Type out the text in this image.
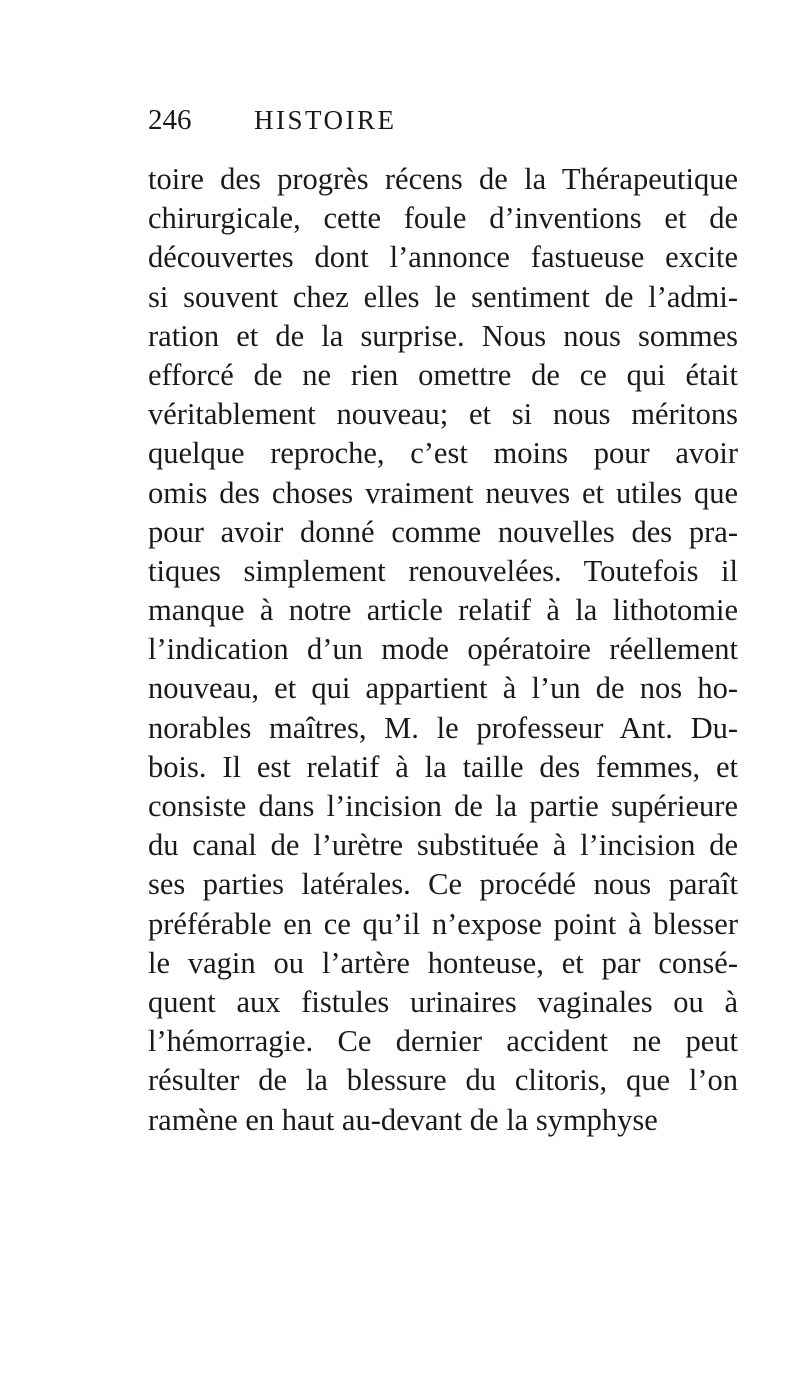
246 HISTOIRE
toire des progrès récens de la Thérapeutique
chirurgicale, cette foule d’inventions et de
découvertes dont l’annonce fastueuse excite
si souvent chez elles le sentiment de l’admi-
ration et de la surprise. Nous nous sommes
efforcé de ne rien omettre de ce qui était
véritablement nouveau; et si nous méritons
quelque reproche, c’est moins pour avoir
omis des choses vraiment neuves et utiles que
pour avoir donné comme nouvelles des pra-
tiques simplement renouvelées. Toutefois il
manque à notre article relatif à la lithotomie
l’indication d’un mode opératoire réellement
nouveau, et qui appartient à l’un de nos ho-
norables maîtres, M. le professeur Ant. Du-
bois. Il est relatif à la taille des femmes, et
consiste dans l’incision de la partie supérieure
du canal de l’urètre substituée à l’incision de
ses parties latérales. Ce procédé nous paraît
préférable en ce qu’il n’expose point à blesser
le vagin ou l’artère honteuse, et par consé-
quent aux fistules urinaires vaginales ou à
l’hémorragie. Ce dernier accident ne peut
résulter de la blessure du clitoris, que l’on
ramène en haut au-devant de la symphyse
